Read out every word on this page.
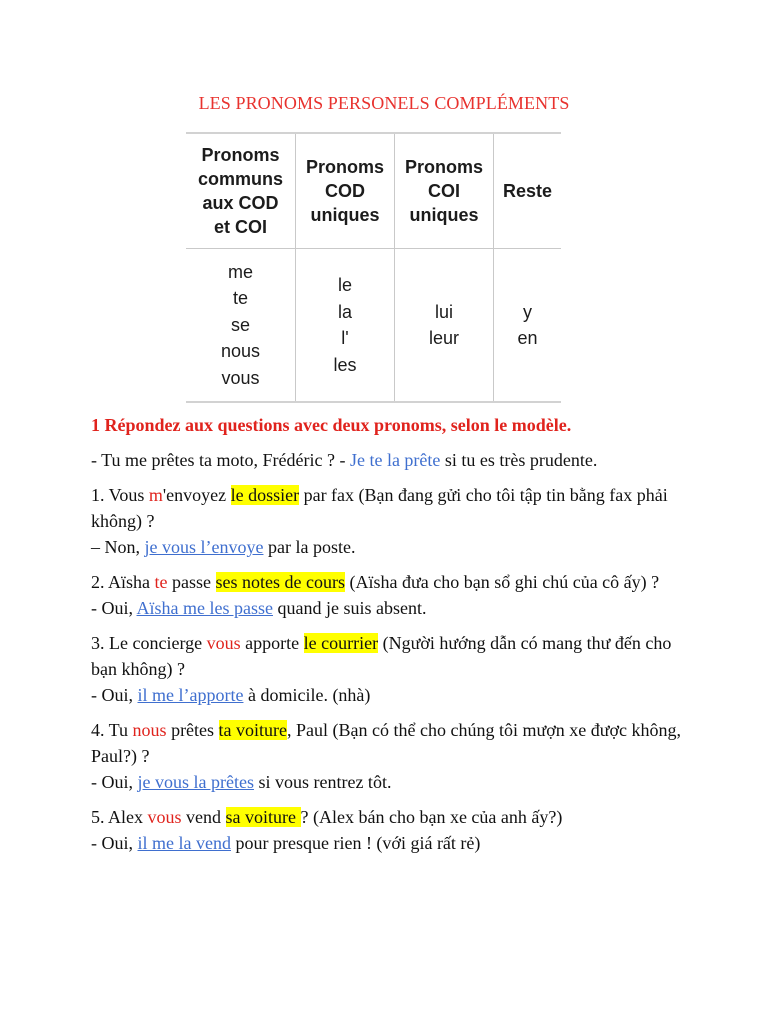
LES PRONOMS PERSONELS COMPLÉMENTS
Pronoms
communs
aux COD
et COI	Pronoms
COD
uniques	Pronoms
COI
uniques	Reste
me
te
se
nous
vous	le
la
l'
les	lui
leur	y
en

1 Répondez aux questions avec deux pronoms, selon le modèle.

- Tu me prêtes ta moto, Frédéric ? - Je te la prête si tu es très prudente.

1. Vous m'envoyez le dossier par fax (Bạn đang gửi cho tôi tập tin bằng fax phải không) ?
– Non, je vous l’envoye par la poste.

2. Aïsha te passe ses notes de cours (Aïsha đưa cho bạn sổ ghi chú của cô ấy) ?
- Oui, Aïsha me les passe quand je suis absent.

3. Le concierge vous apporte le courrier (Người hướng dẫn có mang thư đến cho bạn không) ?
- Oui, il me l’apporte à domicile. (nhà)

4. Tu nous prêtes ta voiture, Paul (Bạn có thể cho chúng tôi mượn xe được không, Paul?) ?
- Oui, je vous la prêtes si vous rentrez tôt.

5. Alex vous vend sa voiture ? (Alex bán cho bạn xe của anh ấy?)
- Oui, il me la vend pour presque rien ! (với giá rất rẻ)
